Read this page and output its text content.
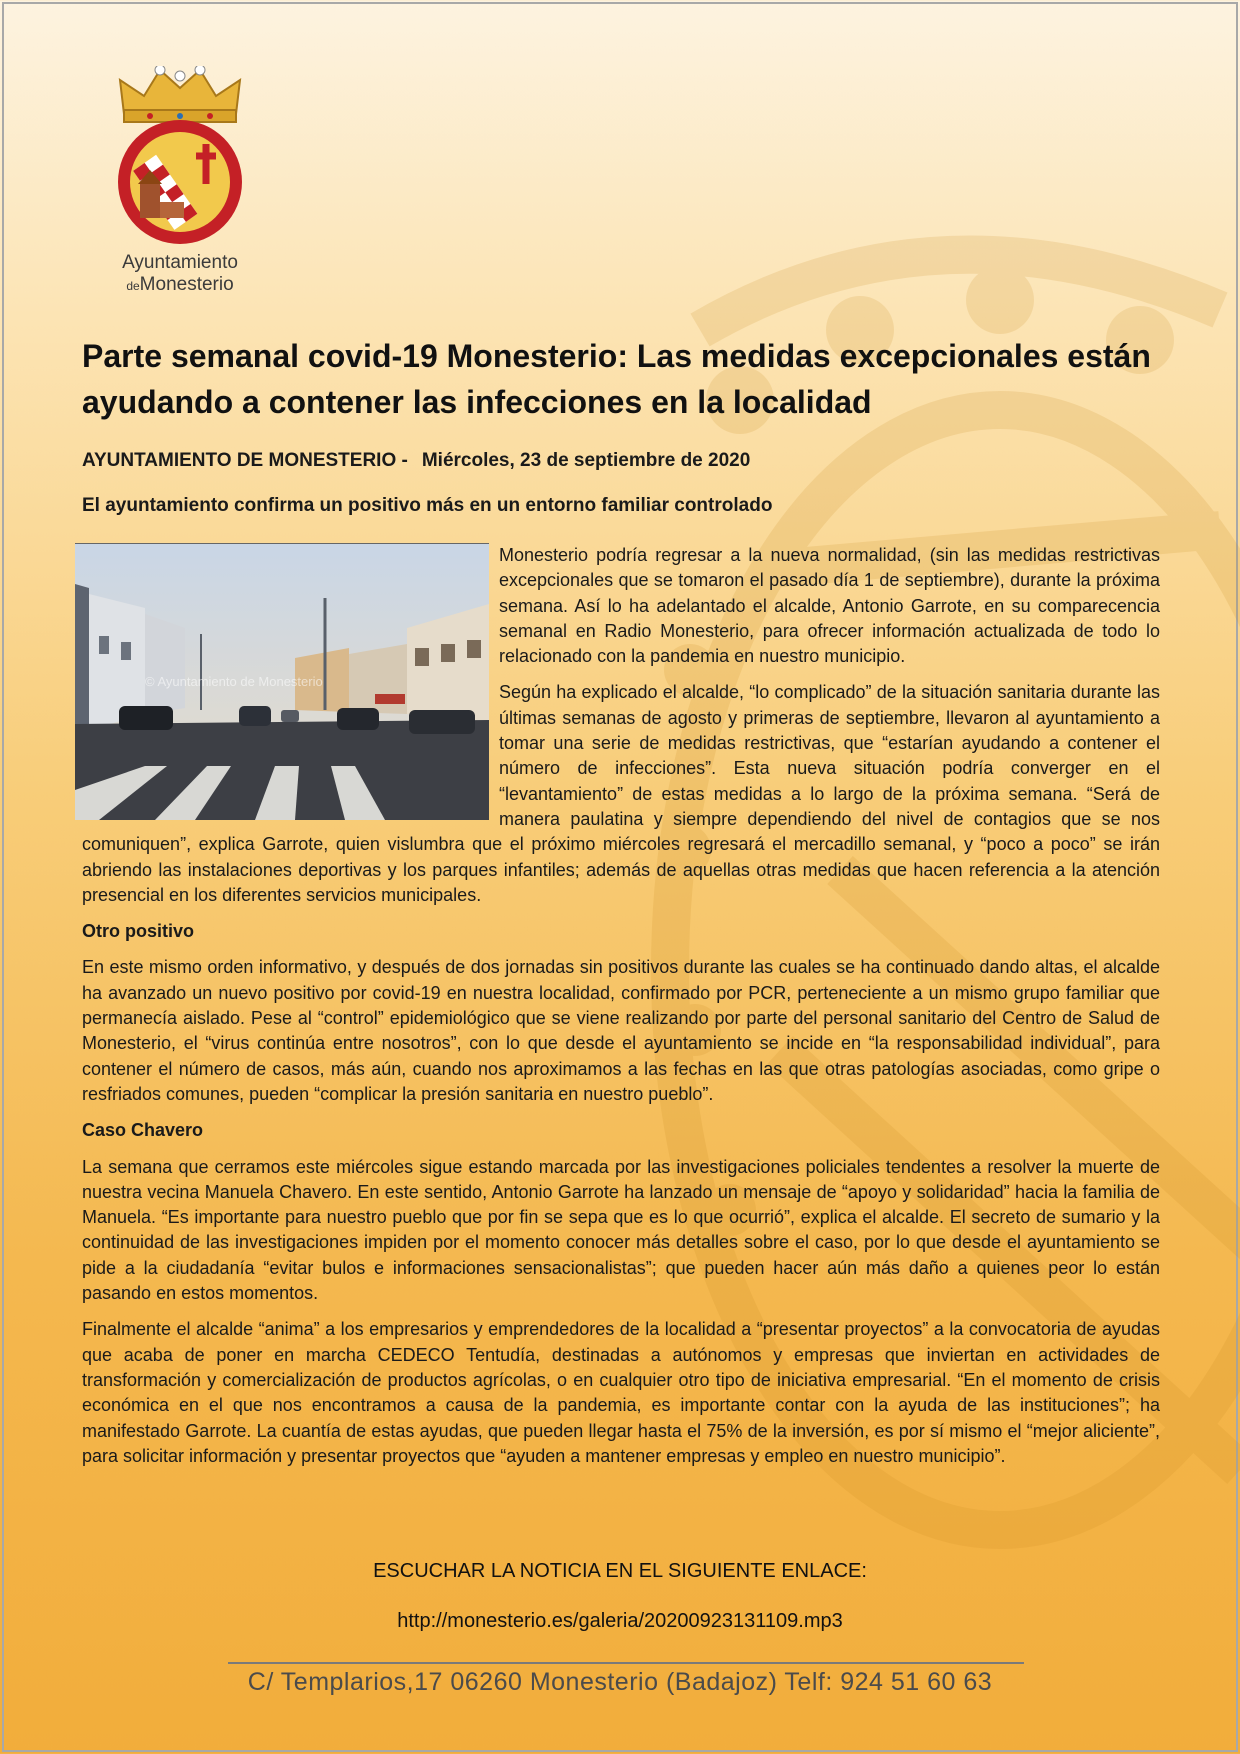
Ayuntamiento
deMonesterio
Parte semanal covid-19 Monesterio: Las medidas excepcionales están ayudando a contener las infecciones en la localidad

AYUNTAMIENTO DE MONESTERIO - Miércoles, 23 de septiembre de 2020

El ayuntamiento confirma un positivo más en un entorno familiar controlado

© Ayuntamiento de Monesterio

Monesterio podría regresar a la nueva normalidad, (sin las medidas restrictivas excepcionales que se tomaron el pasado día 1 de septiembre), durante la próxima semana. Así lo ha adelantado el alcalde, Antonio Garrote, en su comparecencia semanal en Radio Monesterio, para ofrecer información actualizada de todo lo relacionado con la pandemia en nuestro municipio.

Según ha explicado el alcalde, “lo complicado” de la situación sanitaria durante las últimas semanas de agosto y primeras de septiembre, llevaron al ayuntamiento a tomar una serie de medidas restrictivas, que “estarían ayudando a contener el número de infecciones”. Esta nueva situación podría converger en el “levantamiento” de estas medidas a lo largo de la próxima semana. “Será de manera paulatina y siempre dependiendo del nivel de contagios que se nos comuniquen”, explica Garrote, quien vislumbra que el próximo miércoles regresará el mercadillo semanal, y “poco a poco” se irán abriendo las instalaciones deportivas y los parques infantiles; además de aquellas otras medidas que hacen referencia a la atención presencial en los diferentes servicios municipales.

Otro positivo

En este mismo orden informativo, y después de dos jornadas sin positivos durante las cuales se ha continuado dando altas, el alcalde ha avanzado un nuevo positivo por covid-19 en nuestra localidad, confirmado por PCR, perteneciente a un mismo grupo familiar que permanecía aislado. Pese al “control” epidemiológico que se viene realizando por parte del personal sanitario del Centro de Salud de Monesterio, el “virus continúa entre nosotros”, con lo que desde el ayuntamiento se incide en “la responsabilidad individual”, para contener el número de casos, más aún, cuando nos aproximamos a las fechas en las que otras patologías asociadas, como gripe o resfriados comunes, pueden “complicar la presión sanitaria en nuestro pueblo”.

Caso Chavero

La semana que cerramos este miércoles sigue estando marcada por las investigaciones policiales tendentes a resolver la muerte de nuestra vecina Manuela Chavero. En este sentido, Antonio Garrote ha lanzado un mensaje de “apoyo y solidaridad” hacia la familia de Manuela. “Es importante para nuestro pueblo que por fin se sepa que es lo que ocurrió”, explica el alcalde. El secreto de sumario y la continuidad de las investigaciones impiden por el momento conocer más detalles sobre el caso, por lo que desde el ayuntamiento se pide a la ciudadanía “evitar bulos e informaciones sensacionalistas”; que pueden hacer aún más daño a quienes peor lo están pasando en estos momentos.

Finalmente el alcalde “anima” a los empresarios y emprendedores de la localidad a “presentar proyectos” a la convocatoria de ayudas que acaba de poner en marcha CEDECO Tentudía, destinadas a autónomos y empresas que inviertan en actividades de transformación y comercialización de productos agrícolas, o en cualquier otro tipo de iniciativa empresarial. “En el momento de crisis económica en el que nos encontramos a causa de la pandemia, es importante contar con la ayuda de las instituciones”; ha manifestado Garrote. La cuantía de estas ayudas, que pueden llegar hasta el 75% de la inversión, es por sí mismo el “mejor aliciente”, para solicitar información y presentar proyectos que “ayuden a mantener empresas y empleo en nuestro municipio”.

ESCUCHAR LA NOTICIA EN EL SIGUIENTE ENLACE:

http://monesterio.es/galeria/20200923131109.mp3

C/ Templarios,17 06260 Monesterio (Badajoz) Telf: 924 51 60 63
